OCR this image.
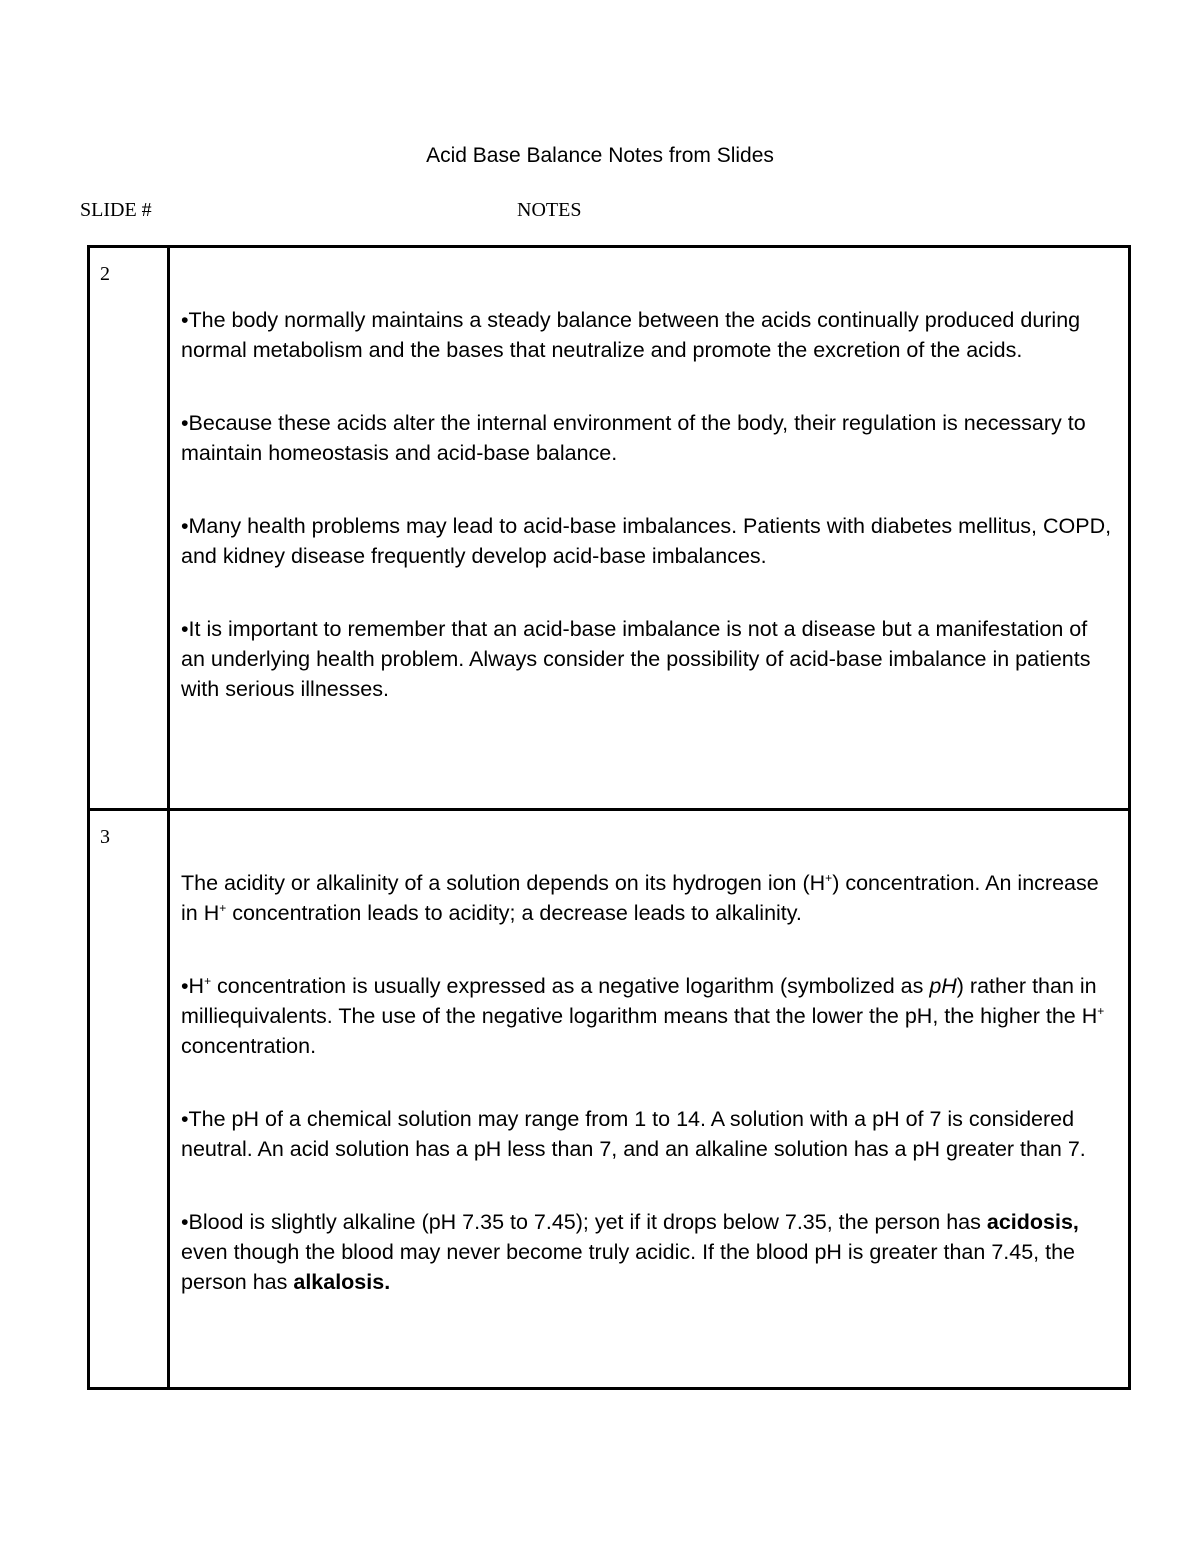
Acid Base Balance Notes from Slides
SLIDE #	NOTES
2

•The body normally maintains a steady balance between the acids continually produced during normal metabolism and the bases that neutralize and promote the excretion of the acids.

•Because these acids alter the internal environment of the body, their regulation is necessary to maintain homeostasis and acid-base balance.

•Many health problems may lead to acid-base imbalances. Patients with diabetes mellitus, COPD, and kidney disease frequently develop acid-base imbalances.

•It is important to remember that an acid-base imbalance is not a disease but a manifestation of an underlying health problem. Always consider the possibility of acid-base imbalance in patients with serious illnesses.

3

The acidity or alkalinity of a solution depends on its hydrogen ion (H+) concentration. An increase in H+ concentration leads to acidity; a decrease leads to alkalinity.

•H+ concentration is usually expressed as a negative logarithm (symbolized as pH) rather than in milliequivalents. The use of the negative logarithm means that the lower the pH, the higher the H+ concentration.

•The pH of a chemical solution may range from 1 to 14. A solution with a pH of 7 is considered neutral. An acid solution has a pH less than 7, and an alkaline solution has a pH greater than 7.

•Blood is slightly alkaline (pH 7.35 to 7.45); yet if it drops below 7.35, the person has acidosis, even though the blood may never become truly acidic. If the blood pH is greater than 7.45, the person has alkalosis.
